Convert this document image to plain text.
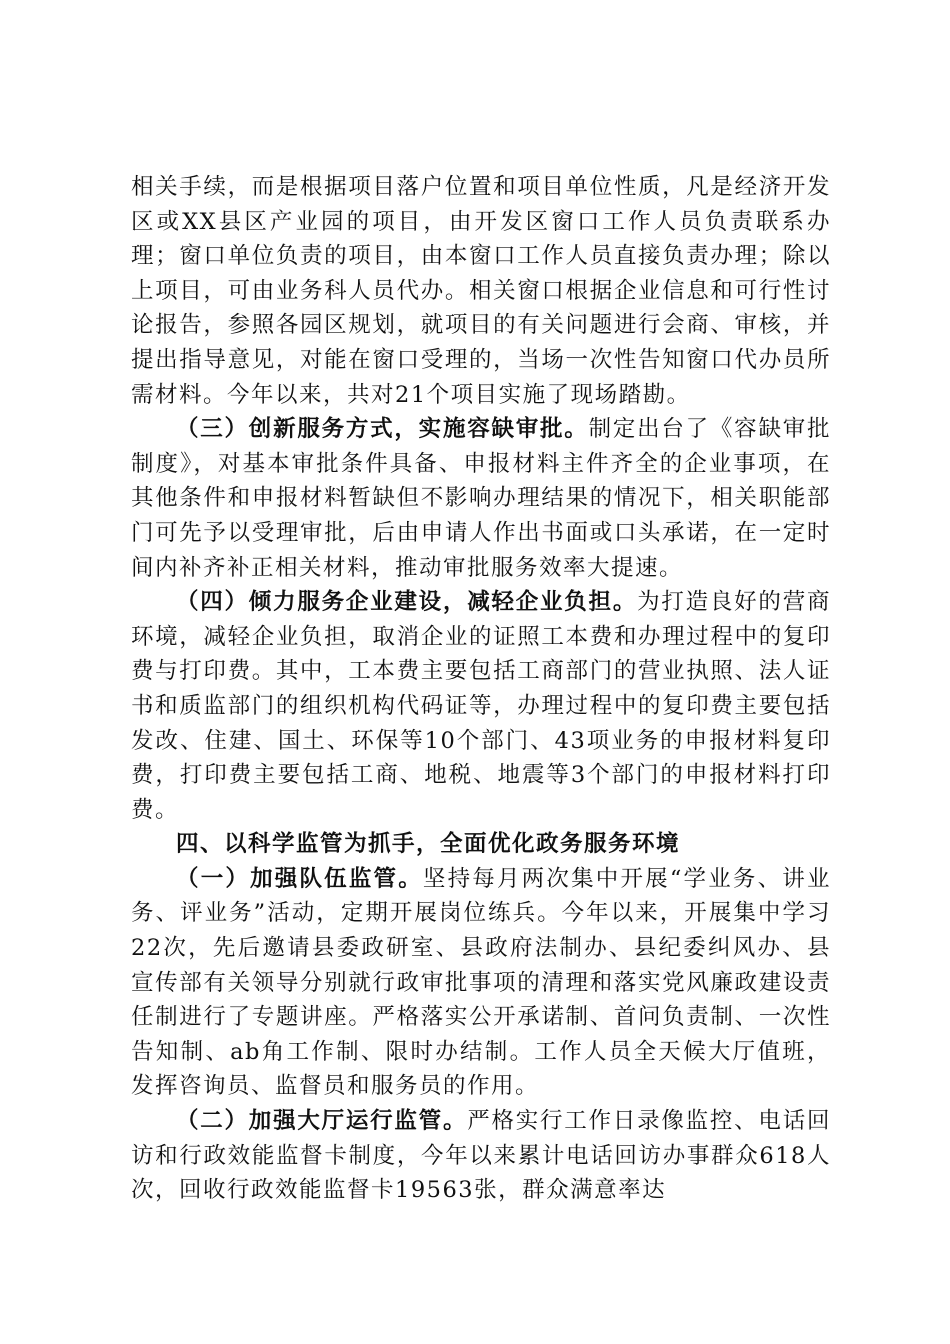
相关手续，而是根据项目落户位置和项目单位性质，凡是经济开发区或XX县区产业园的项目，由开发区窗口工作人员负责联系办理；窗口单位负责的项目，由本窗口工作人员直接负责办理；除以上项目，可由业务科人员代办。相关窗口根据企业信息和可行性讨论报告，参照各园区规划，就项目的有关问题进行会商、审核，并提出指导意见，对能在窗口受理的，当场一次性告知窗口代办员所需材料。今年以来，共对21个项目实施了现场踏勘。

（三）创新服务方式，实施容缺审批。制定出台了《容缺审批制度》，对基本审批条件具备、申报材料主件齐全的企业事项，在其他条件和申报材料暂缺但不影响办理结果的情况下，相关职能部门可先予以受理审批，后由申请人作出书面或口头承诺，在一定时间内补齐补正相关材料，推动审批服务效率大提速。

（四）倾力服务企业建设，减轻企业负担。为打造良好的营商环境，减轻企业负担，取消企业的证照工本费和办理过程中的复印费与打印费。其中，工本费主要包括工商部门的营业执照、法人证书和质监部门的组织机构代码证等，办理过程中的复印费主要包括发改、住建、国土、环保等10个部门、43项业务的申报材料复印费，打印费主要包括工商、地税、地震等3个部门的申报材料打印费。

四、以科学监管为抓手，全面优化政务服务环境

（一）加强队伍监管。坚持每月两次集中开展“学业务、讲业务、评业务”活动，定期开展岗位练兵。今年以来，开展集中学习22次，先后邀请县委政研室、县政府法制办、县纪委纠风办、县宣传部有关领导分别就行政审批事项的清理和落实党风廉政建设责任制进行了专题讲座。严格落实公开承诺制、首问负责制、一次性告知制、ab角工作制、限时办结制。工作人员全天候大厅值班，发挥咨询员、监督员和服务员的作用。

（二）加强大厅运行监管。严格实行工作日录像监控、电话回访和行政效能监督卡制度，今年以来累计电话回访办事群众618人次，回收行政效能监督卡19563张，群众满意率达
